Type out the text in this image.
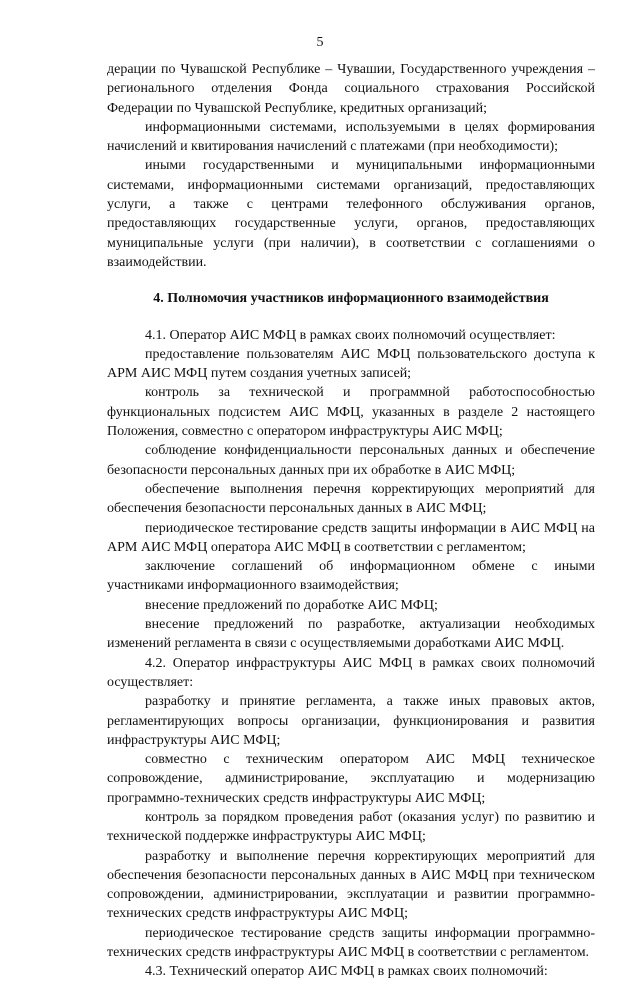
5

дерации по Чувашской Республике – Чувашии, Государственного учреждения – регионального отделения Фонда социального страхования Российской Федерации по Чувашской Республике, кредитных организаций;

информационными системами, используемыми в целях формирования начислений и квитирования начислений с платежами (при необходимости);

иными государственными и муниципальными информационными системами, информационными системами организаций, предоставляющих услуги, а также с центрами телефонного обслуживания органов, предоставляющих государственные услуги, органов, предоставляющих муниципальные услуги (при наличии), в соответствии с соглашениями о взаимодействии.

4. Полномочия участников информационного взаимодействия

4.1. Оператор АИС МФЦ в рамках своих полномочий осуществляет:

предоставление пользователям АИС МФЦ пользовательского доступа к АРМ АИС МФЦ путем создания учетных записей;

контроль за технической и программной работоспособностью функциональных подсистем АИС МФЦ, указанных в разделе 2 настоящего Положения, совместно с оператором инфраструктуры АИС МФЦ;

соблюдение конфиденциальности персональных данных и обеспечение безопасности персональных данных при их обработке в АИС МФЦ;

обеспечение выполнения перечня корректирующих мероприятий для обеспечения безопасности персональных данных в АИС МФЦ;

периодическое тестирование средств защиты информации в АИС МФЦ на АРМ АИС МФЦ оператора АИС МФЦ в соответствии с регламентом;

заключение соглашений об информационном обмене с иными участниками информационного взаимодействия;

внесение предложений по доработке АИС МФЦ;

внесение предложений по разработке, актуализации необходимых изменений регламента в связи с осуществляемыми доработками АИС МФЦ.

4.2. Оператор инфраструктуры АИС МФЦ в рамках своих полномочий осуществляет:

разработку и принятие регламента, а также иных правовых актов, регламентирующих вопросы организации, функционирования и развития инфраструктуры АИС МФЦ;

совместно с техническим оператором АИС МФЦ техническое сопровождение, администрирование, эксплуатацию и модернизацию программно-технических средств инфраструктуры АИС МФЦ;

контроль за порядком проведения работ (оказания услуг) по развитию и технической поддержке инфраструктуры АИС МФЦ;

разработку и выполнение перечня корректирующих мероприятий для обеспечения безопасности персональных данных в АИС МФЦ при техническом сопровождении, администрировании, эксплуатации и развитии программно-технических средств инфраструктуры АИС МФЦ;

периодическое тестирование средств защиты информации программно-технических средств инфраструктуры АИС МФЦ в соответствии с регламентом.

4.3. Технический оператор АИС МФЦ в рамках своих полномочий:
